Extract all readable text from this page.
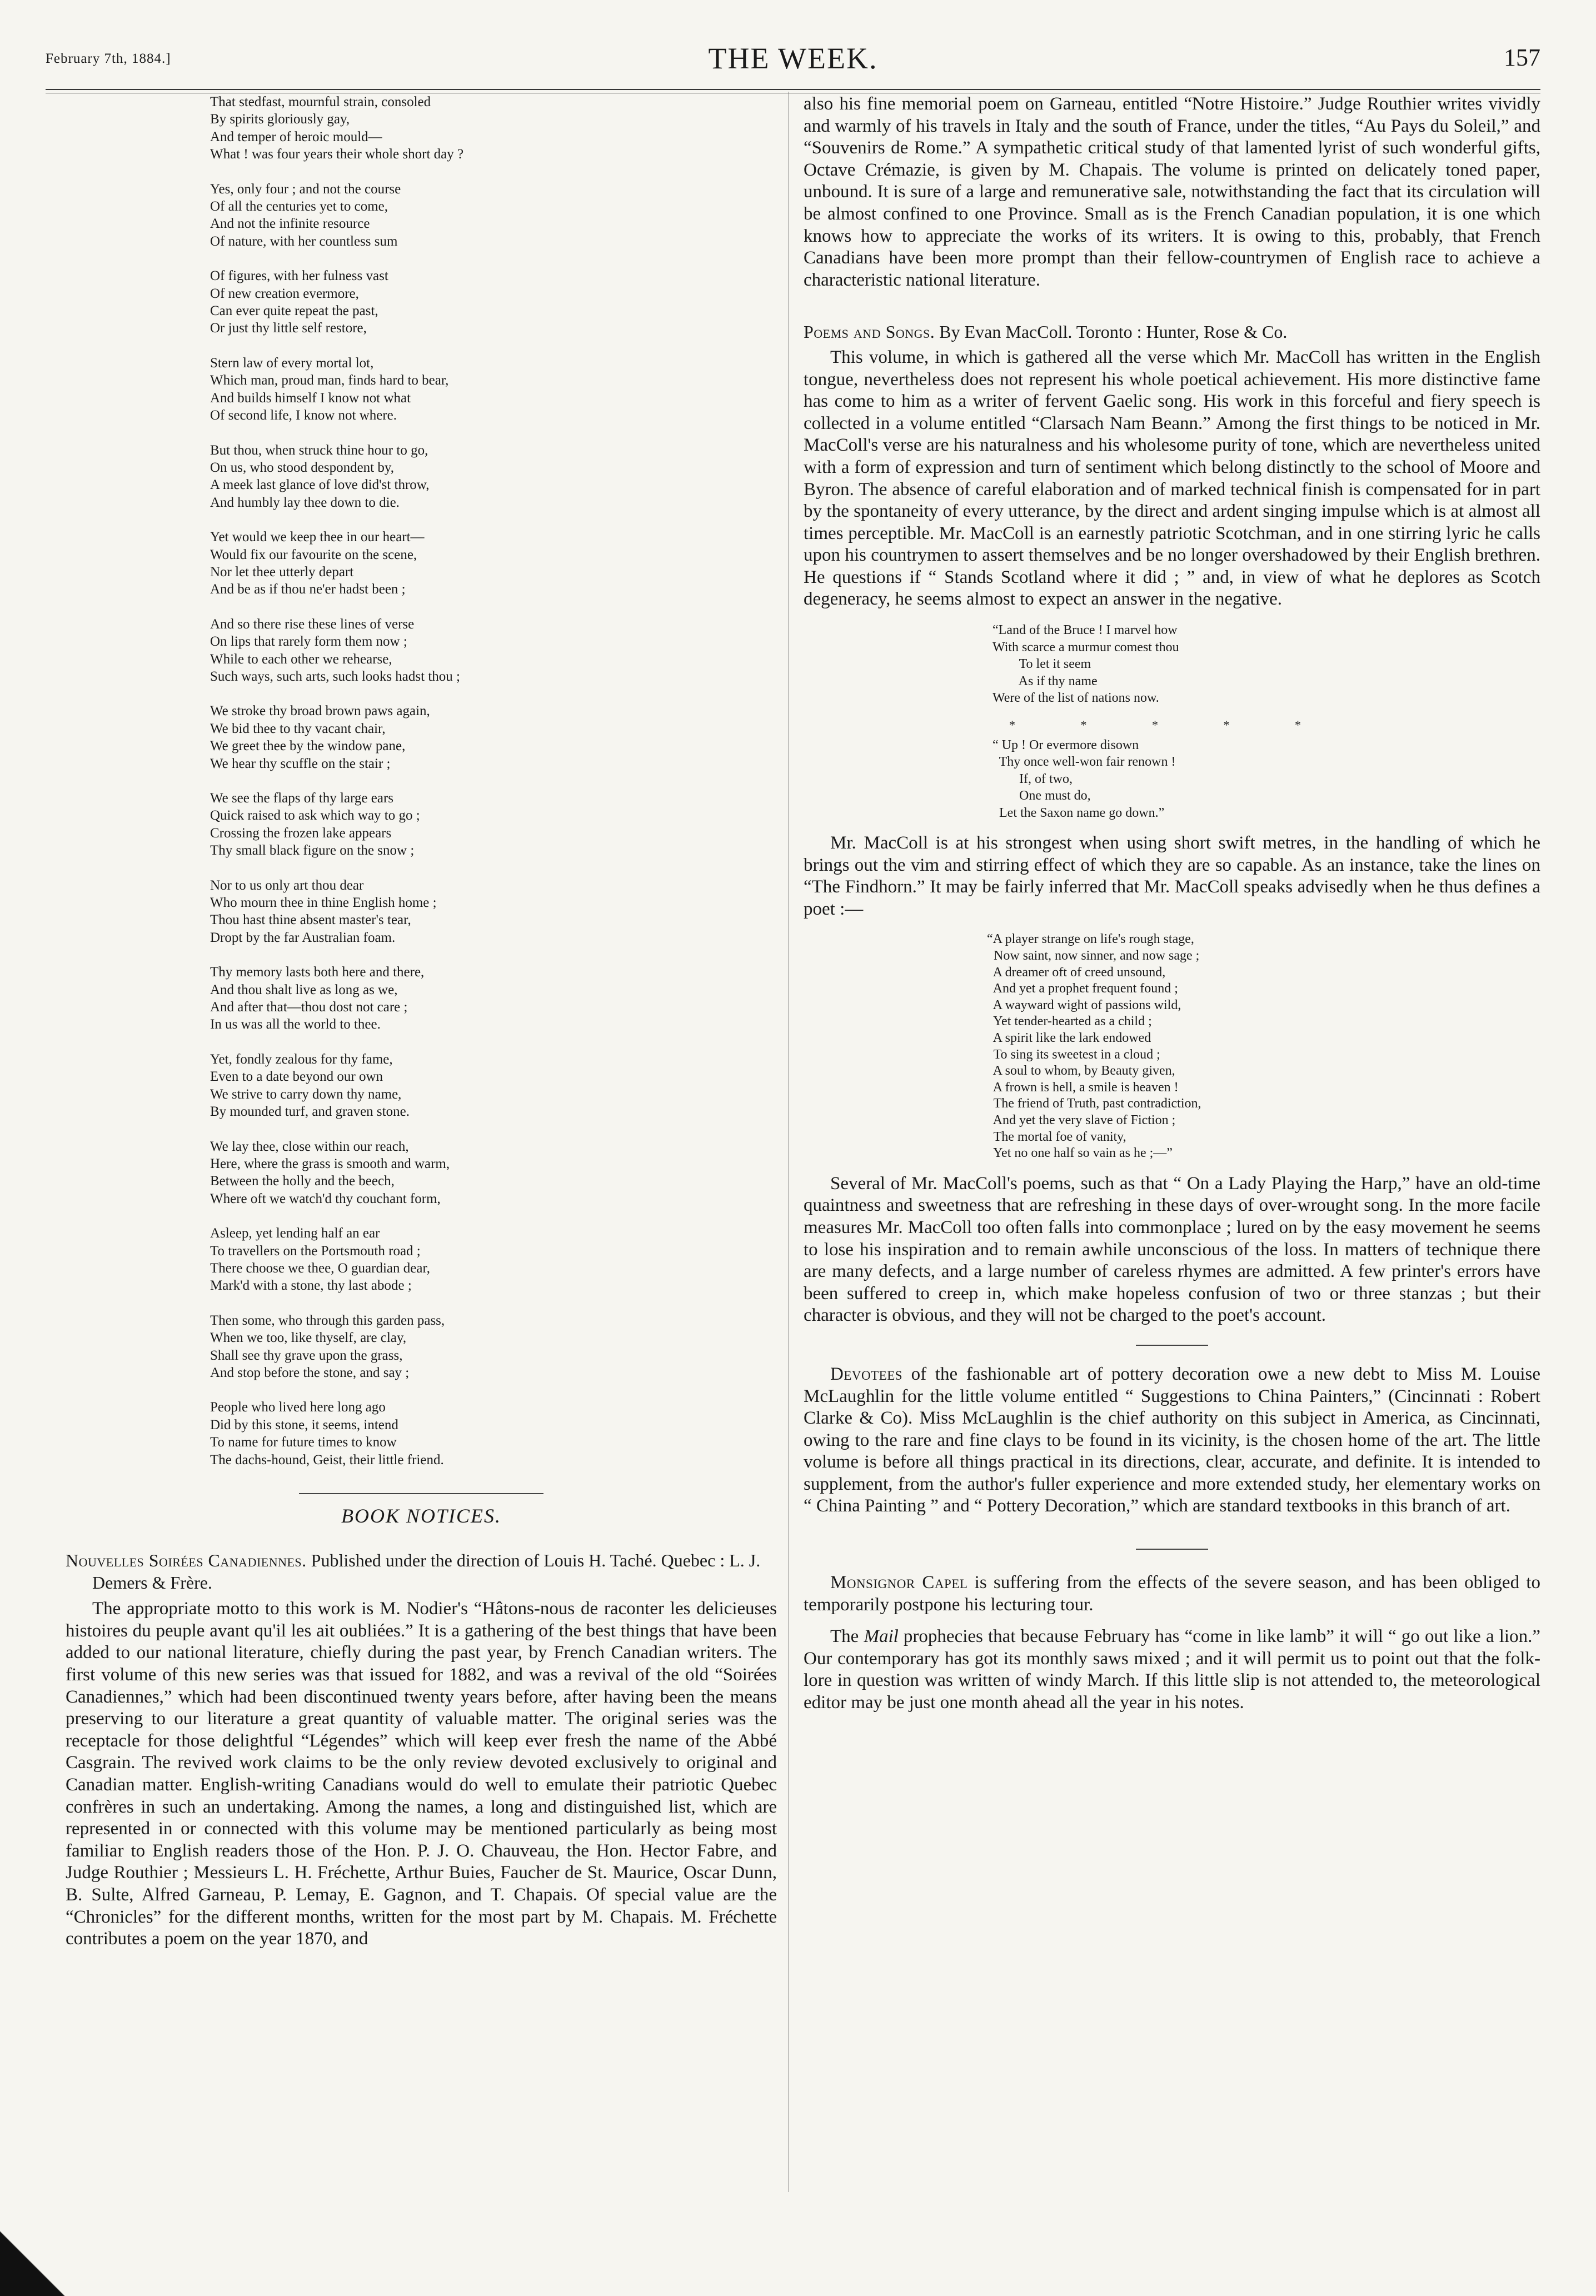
February 7th, 1884.]	THE WEEK.	157

That stedfast, mournful strain, consoled

By spirits gloriously gay,

And temper of heroic mould—

What ! was four years their whole short day ?

Yes, only four ; and not the course

Of all the centuries yet to come,

And not the infinite resource

Of nature, with her countless sum

Of figures, with her fulness vast

Of new creation evermore,

Can ever quite repeat the past,

Or just thy little self restore,

Stern law of every mortal lot,

Which man, proud man, finds hard to bear,

And builds himself I know not what

Of second life, I know not where.

But thou, when struck thine hour to go,

On us, who stood despondent by,

A meek last glance of love did'st throw,

And humbly lay thee down to die.

Yet would we keep thee in our heart—

Would fix our favourite on the scene,

Nor let thee utterly depart

And be as if thou ne'er hadst been ;

And so there rise these lines of verse

On lips that rarely form them now ;

While to each other we rehearse,

Such ways, such arts, such looks hadst thou ;

We stroke thy broad brown paws again,

We bid thee to thy vacant chair,

We greet thee by the window pane,

We hear thy scuffle on the stair ;

We see the flaps of thy large ears

Quick raised to ask which way to go ;

Crossing the frozen lake appears

Thy small black figure on the snow ;

Nor to us only art thou dear

Who mourn thee in thine English home ;

Thou hast thine absent master's tear,

Dropt by the far Australian foam.

Thy memory lasts both here and there,

And thou shalt live as long as we,

And after that—thou dost not care ;

In us was all the world to thee.

Yet, fondly zealous for thy fame,

Even to a date beyond our own

We strive to carry down thy name,

By mounded turf, and graven stone.

We lay thee, close within our reach,

Here, where the grass is smooth and warm,

Between the holly and the beech,

Where oft we watch'd thy couchant form,

Asleep, yet lending half an ear

To travellers on the Portsmouth road ;

There choose we thee, O guardian dear,

Mark'd with a stone, thy last abode ;

Then some, who through this garden pass,

When we too, like thyself, are clay,

Shall see thy grave upon the grass,

And stop before the stone, and say ;

People who lived here long ago

Did by this stone, it seems, intend

To name for future times to know

The dachs-hound, Geist, their little friend.

BOOK NOTICES.

Nouvelles Soirées Canadiennes. Published under the direction of Louis H. Taché. Quebec : L. J. Demers & Frère.

The appropriate motto to this work is M. Nodier's “Hâtons-nous de raconter les delicieuses histoires du peuple avant qu'il les ait oubliées.” It is a gathering of the best things that have been added to our national literature, chiefly during the past year, by French Canadian writers. The first volume of this new series was that issued for 1882, and was a revival of the old “Soirées Canadiennes,” which had been discontinued twenty years before, after having been the means preserving to our literature a great quantity of valuable matter. The original series was the receptacle for those delightful “Légendes” which will keep ever fresh the name of the Abbé Casgrain. The revived work claims to be the only review devoted exclusively to original and Canadian matter. English-writing Canadians would do well to emulate their patriotic Quebec confrères in such an undertaking. Among the names, a long and distinguished list, which are represented in or connected with this volume may be mentioned particularly as being most familiar to English readers those of the Hon. P. J. O. Chauveau, the Hon. Hector Fabre, and Judge Routhier ; Messieurs L. H. Fréchette, Arthur Buies, Faucher de St. Maurice, Oscar Dunn, B. Sulte, Alfred Garneau, P. Lemay, E. Gagnon, and T. Chapais. Of special value are the “Chronicles” for the different months, written for the most part by M. Chapais. M. Fréchette contributes a poem on the year 1870, and

also his fine memorial poem on Garneau, entitled “Notre Histoire.” Judge Routhier writes vividly and warmly of his travels in Italy and the south of France, under the titles, “Au Pays du Soleil,” and “Souvenirs de Rome.” A sympathetic critical study of that lamented lyrist of such wonderful gifts, Octave Crémazie, is given by M. Chapais. The volume is printed on delicately toned paper, unbound. It is sure of a large and remunerative sale, notwithstanding the fact that its circulation will be almost confined to one Province. Small as is the French Canadian population, it is one which knows how to appreciate the works of its writers. It is owing to this, probably, that French Canadians have been more prompt than their fellow-countrymen of English race to achieve a characteristic national literature.

Poems and Songs. By Evan MacColl. Toronto : Hunter, Rose & Co.

This volume, in which is gathered all the verse which Mr. MacColl has written in the English tongue, nevertheless does not represent his whole poetical achievement. His more distinctive fame has come to him as a writer of fervent Gaelic song. His work in this forceful and fiery speech is collected in a volume entitled “Clarsach Nam Beann.” Among the first things to be noticed in Mr. MacColl's verse are his naturalness and his wholesome purity of tone, which are nevertheless united with a form of expression and turn of sentiment which belong distinctly to the school of Moore and Byron. The absence of careful elaboration and of marked technical finish is compensated for in part by the spontaneity of every utterance, by the direct and ardent singing impulse which is at almost all times perceptible. Mr. MacColl is an earnestly patriotic Scotchman, and in one stirring lyric he calls upon his countrymen to assert themselves and be no longer overshadowed by their English brethren. He questions if “ Stands Scotland where it did ; ” and, in view of what he deplores as Scotch degeneracy, he seems almost to expect an answer in the negative.

“Land of the Bruce ! I marvel how

With scarce a murmur comest thou

To let it seem

As if thy name

Were of the list of nations now.

* * * * *

“ Up ! Or evermore disown

Thy once well-won fair renown !

If, of two,

One must do,

Let the Saxon name go down.”

Mr. MacColl is at his strongest when using short swift metres, in the handling of which he brings out the vim and stirring effect of which they are so capable. As an instance, take the lines on “The Findhorn.” It may be fairly inferred that Mr. MacColl speaks advisedly when he thus defines a poet :—

“A player strange on life's rough stage,

Now saint, now sinner, and now sage ;

A dreamer oft of creed unsound,

And yet a prophet frequent found ;

A wayward wight of passions wild,

Yet tender-hearted as a child ;

A spirit like the lark endowed

To sing its sweetest in a cloud ;

A soul to whom, by Beauty given,

A frown is hell, a smile is heaven !

The friend of Truth, past contradiction,

And yet the very slave of Fiction ;

The mortal foe of vanity,

Yet no one half so vain as he ;—”

Several of Mr. MacColl's poems, such as that “ On a Lady Playing the Harp,” have an old-time quaintness and sweetness that are refreshing in these days of over-wrought song. In the more facile measures Mr. MacColl too often falls into commonplace ; lured on by the easy movement he seems to lose his inspiration and to remain awhile unconscious of the loss. In matters of technique there are many defects, and a large number of careless rhymes are admitted. A few printer's errors have been suffered to creep in, which make hopeless confusion of two or three stanzas ; but their character is obvious, and they will not be charged to the poet's account.

Devotees of the fashionable art of pottery decoration owe a new debt to Miss M. Louise McLaughlin for the little volume entitled “ Suggestions to China Painters,” (Cincinnati : Robert Clarke & Co). Miss McLaughlin is the chief authority on this subject in America, as Cincinnati, owing to the rare and fine clays to be found in its vicinity, is the chosen home of the art. The little volume is before all things practical in its directions, clear, accurate, and definite. It is intended to supplement, from the author's fuller experience and more extended study, her elementary works on “ China Painting ” and “ Pottery Decoration,” which are standard textbooks in this branch of art.

Monsignor Capel is suffering from the effects of the severe season, and has been obliged to temporarily postpone his lecturing tour.

The Mail prophecies that because February has “come in like lamb” it will “ go out like a lion.” Our contemporary has got its monthly saws mixed ; and it will permit us to point out that the folk-lore in question was written of windy March. If this little slip is not attended to, the meteorological editor may be just one month ahead all the year in his notes.
